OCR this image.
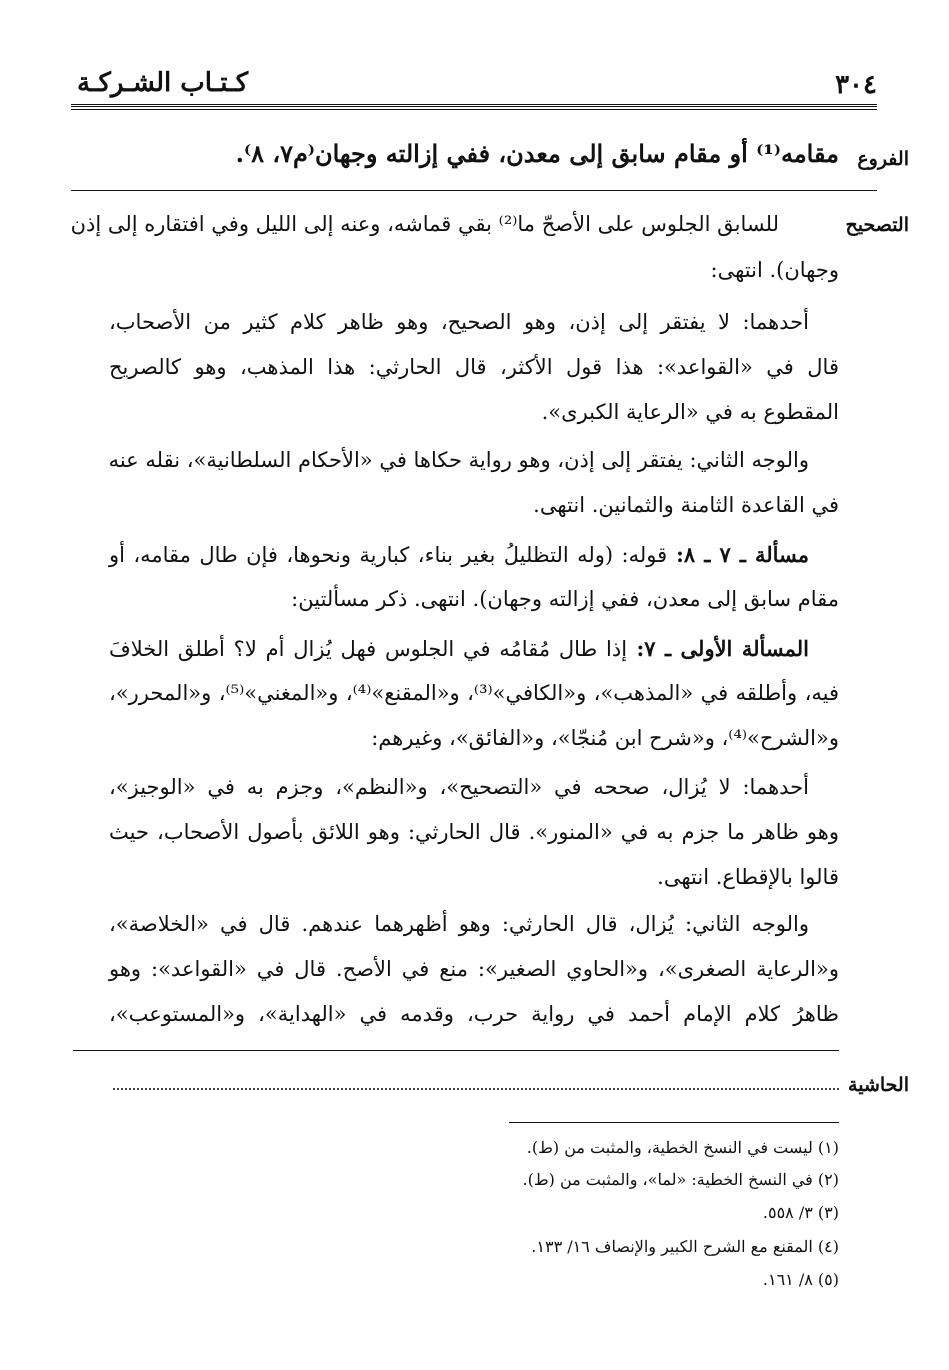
٣٠٤
كـتـاب الشـركـة
الفروع
مقامه⁽¹⁾ أو مقام سابق إلى معدن، ففي إزالته وجهان⁽م٧، ٨⁾.
التصحيح
للسابق الجلوس على الأصحّ ما⁽²⁾ بقي قماشه، وعنه إلى الليل وفي افتقاره إلى إذن
وجهان). انتهى:
أحدهما: لا يفتقر إلى إذن، وهو الصحيح، وهو ظاهر كلام كثير من الأصحاب،
قال في «القواعد»: هذا قول الأكثر، قال الحارثي: هذا المذهب، وهو كالصريح
المقطوع به في «الرعاية الكبرى».
والوجه الثاني: يفتقر إلى إذن، وهو رواية حكاها في «الأحكام السلطانية»، نقله عنه
في القاعدة الثامنة والثمانين. انتهى.
مسألة ـ ٧ ـ ٨: قوله: (وله التظليلُ بغير بناء، كبارية ونحوها، فإن طال مقامه، أو
مقام سابق إلى معدن، ففي إزالته وجهان). انتهى. ذكر مسألتين:
المسألة الأولى ـ ٧: إذا طال مُقامُه في الجلوس فهل يُزال أم لا؟ أطلق الخلافَ
فيه، وأطلقه في «المذهب»، و«الكافي»⁽³⁾، و«المقنع»⁽⁴⁾، و«المغني»⁽⁵⁾، و«المحرر»،
و«الشرح»⁽⁴⁾، و«شرح ابن مُنجّا»، و«الفائق»، وغيرهم:
أحدهما: لا يُزال، صححه في «التصحيح»، و«النظم»، وجزم به في «الوجيز»،
وهو ظاهر ما جزم به في «المنور». قال الحارثي: وهو اللائق بأصول الأصحاب، حيث
قالوا بالإقطاع. انتهى.
والوجه الثاني: يُزال، قال الحارثي: وهو أظهرهما عندهم. قال في «الخلاصة»،
و«الرعاية الصغرى»، و«الحاوي الصغير»: منع في الأصح. قال في «القواعد»: وهو
ظاهرُ كلام الإمام أحمد في رواية حرب، وقدمه في «الهداية»، و«المستوعب»،
الحاشية
(١) ليست في النسخ الخطية، والمثبت من (ط).
(٢) في النسخ الخطية: «لما»، والمثبت من (ط).
(٣) ٣/ ٥٥٨.
(٤) المقنع مع الشرح الكبير والإنصاف ١٦/ ١٣٣.
(٥) ٨/ ١٦١.
